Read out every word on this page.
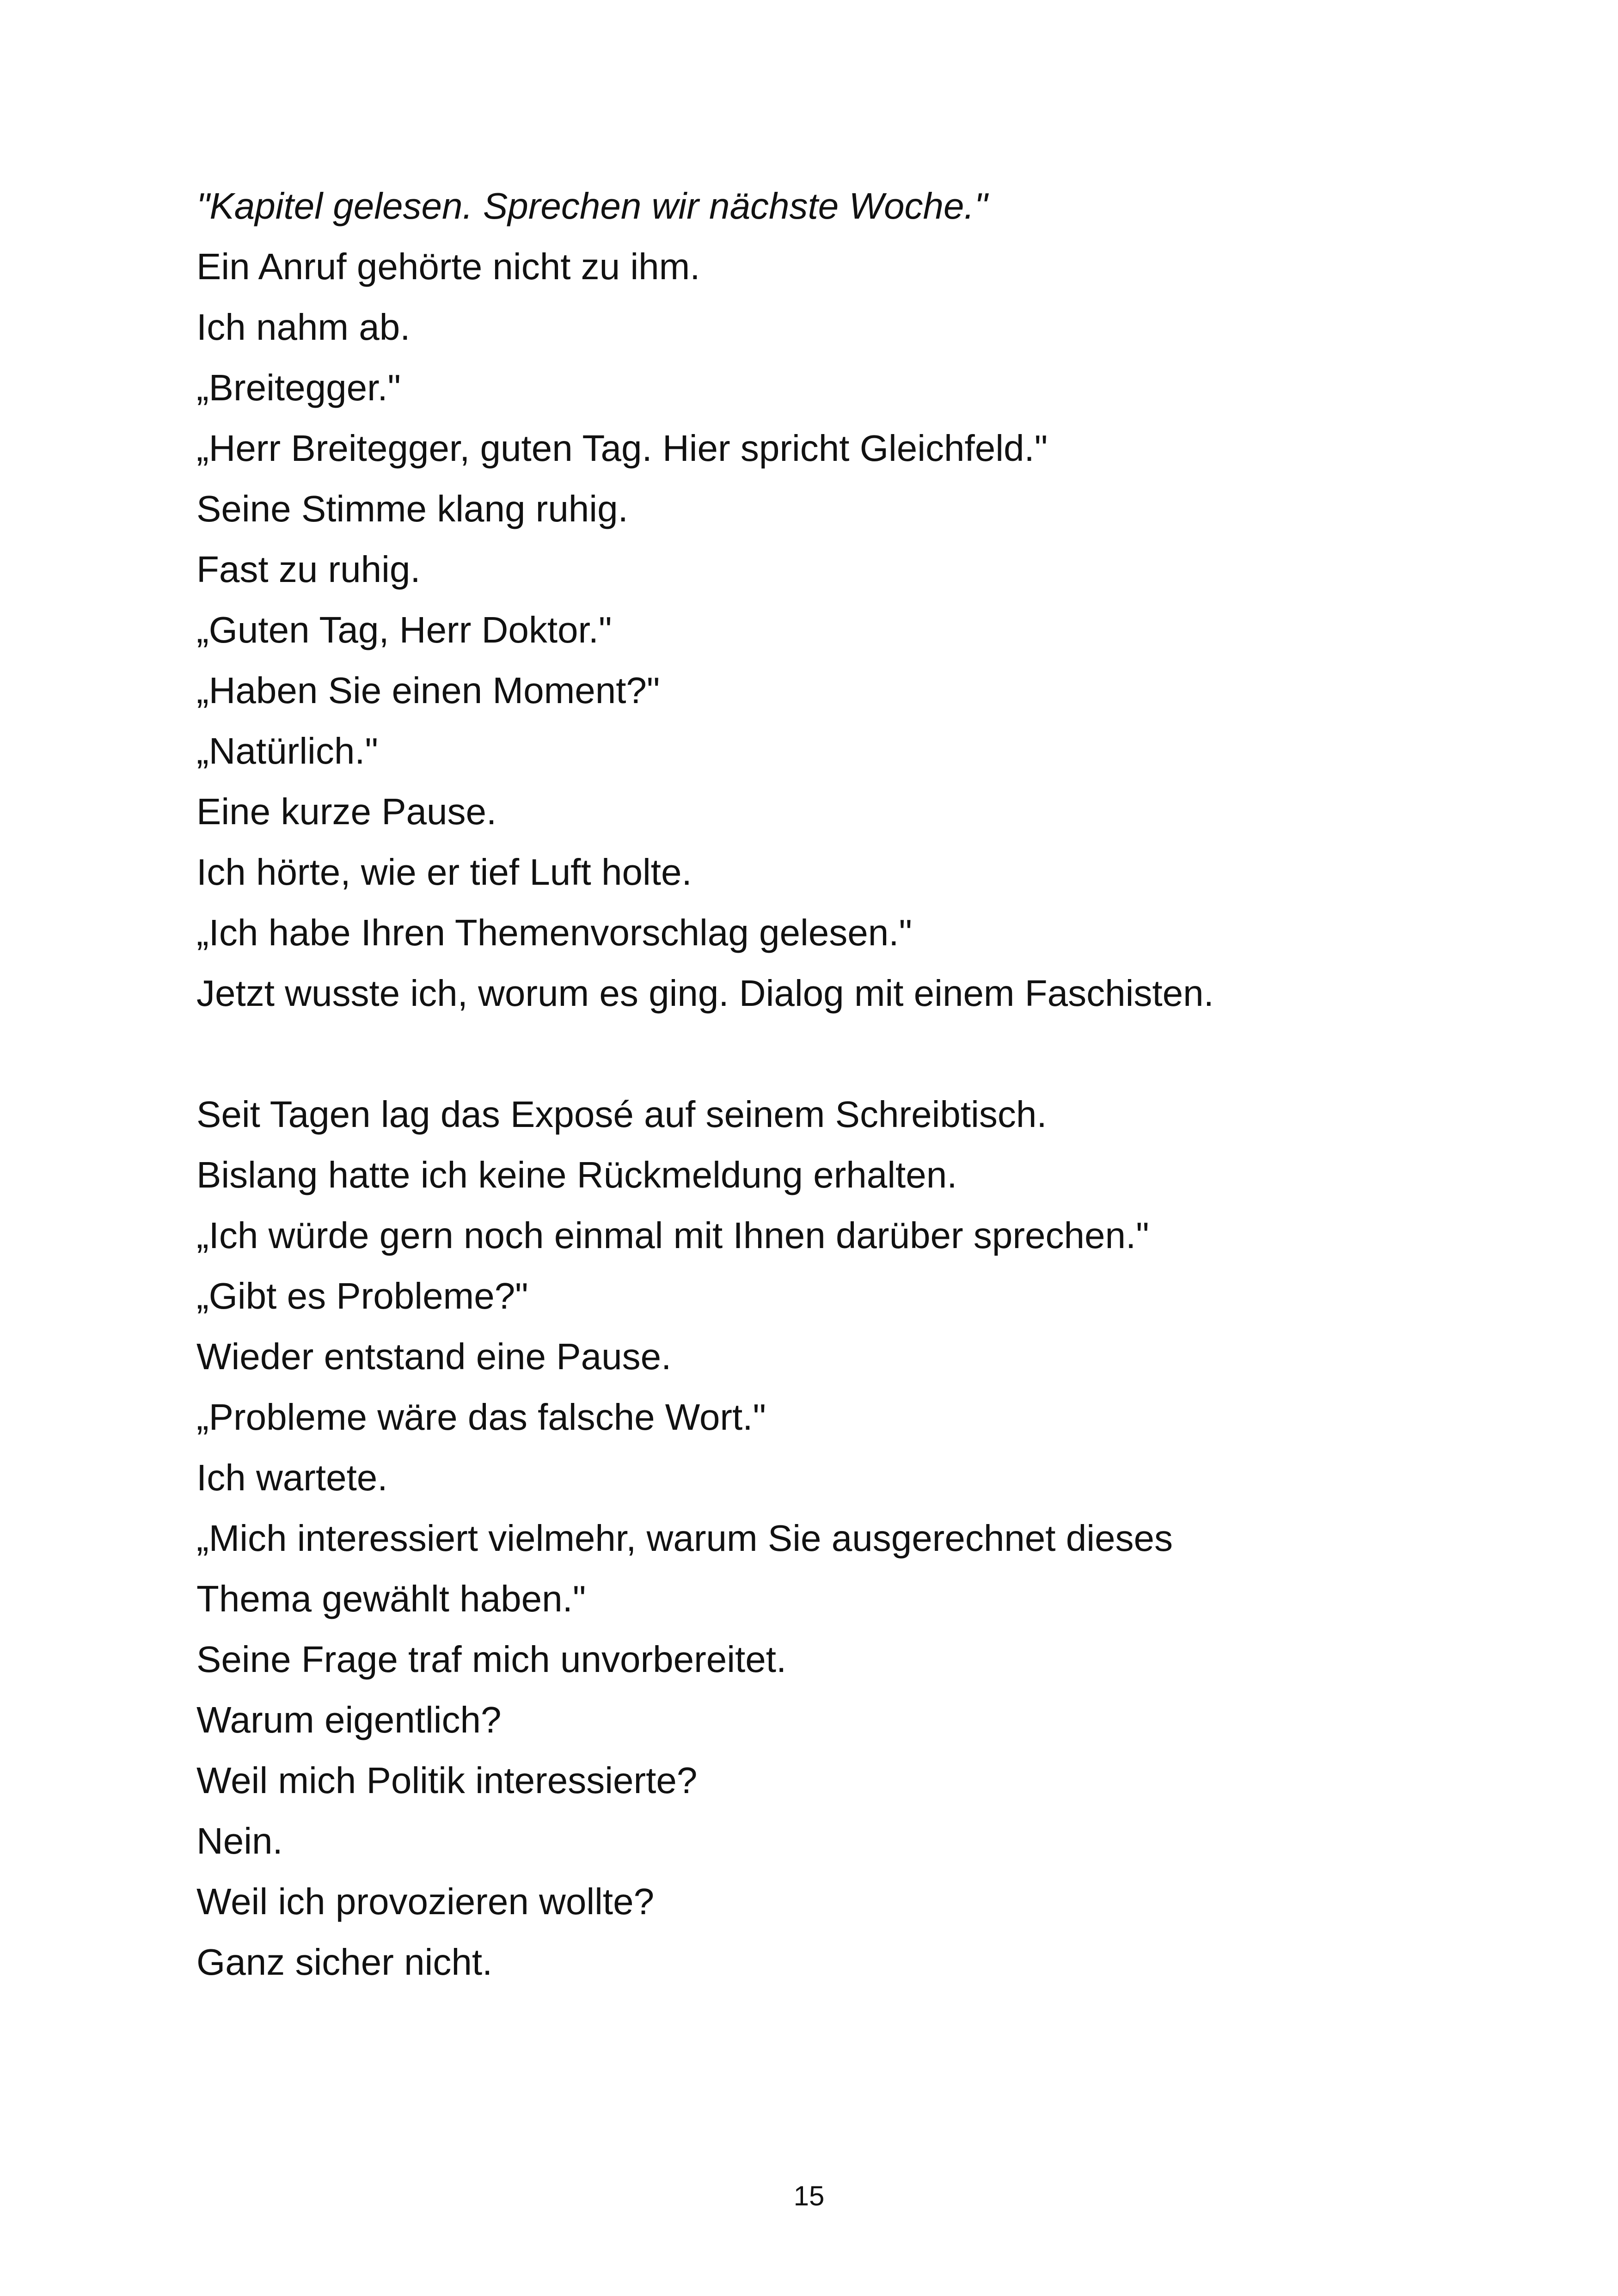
"Kapitel gelesen. Sprechen wir nächste Woche."

Ein Anruf gehörte nicht zu ihm.

Ich nahm ab.

„Breitegger."

„Herr Breitegger, guten Tag. Hier spricht Gleichfeld."

Seine Stimme klang ruhig.

Fast zu ruhig.

„Guten Tag, Herr Doktor."

„Haben Sie einen Moment?"

„Natürlich."

Eine kurze Pause.

Ich hörte, wie er tief Luft holte.

„Ich habe Ihren Themenvorschlag gelesen."

Jetzt wusste ich, worum es ging. Dialog mit einem Faschisten.

Seit Tagen lag das Exposé auf seinem Schreibtisch.

Bislang hatte ich keine Rückmeldung erhalten.

„Ich würde gern noch einmal mit Ihnen darüber sprechen."

„Gibt es Probleme?"

Wieder entstand eine Pause.

„Probleme wäre das falsche Wort."

Ich wartete.

„Mich interessiert vielmehr, warum Sie ausgerechnet dieses

Thema gewählt haben."

Seine Frage traf mich unvorbereitet.

Warum eigentlich?

Weil mich Politik interessierte?

Nein.

Weil ich provozieren wollte?

Ganz sicher nicht.

15
